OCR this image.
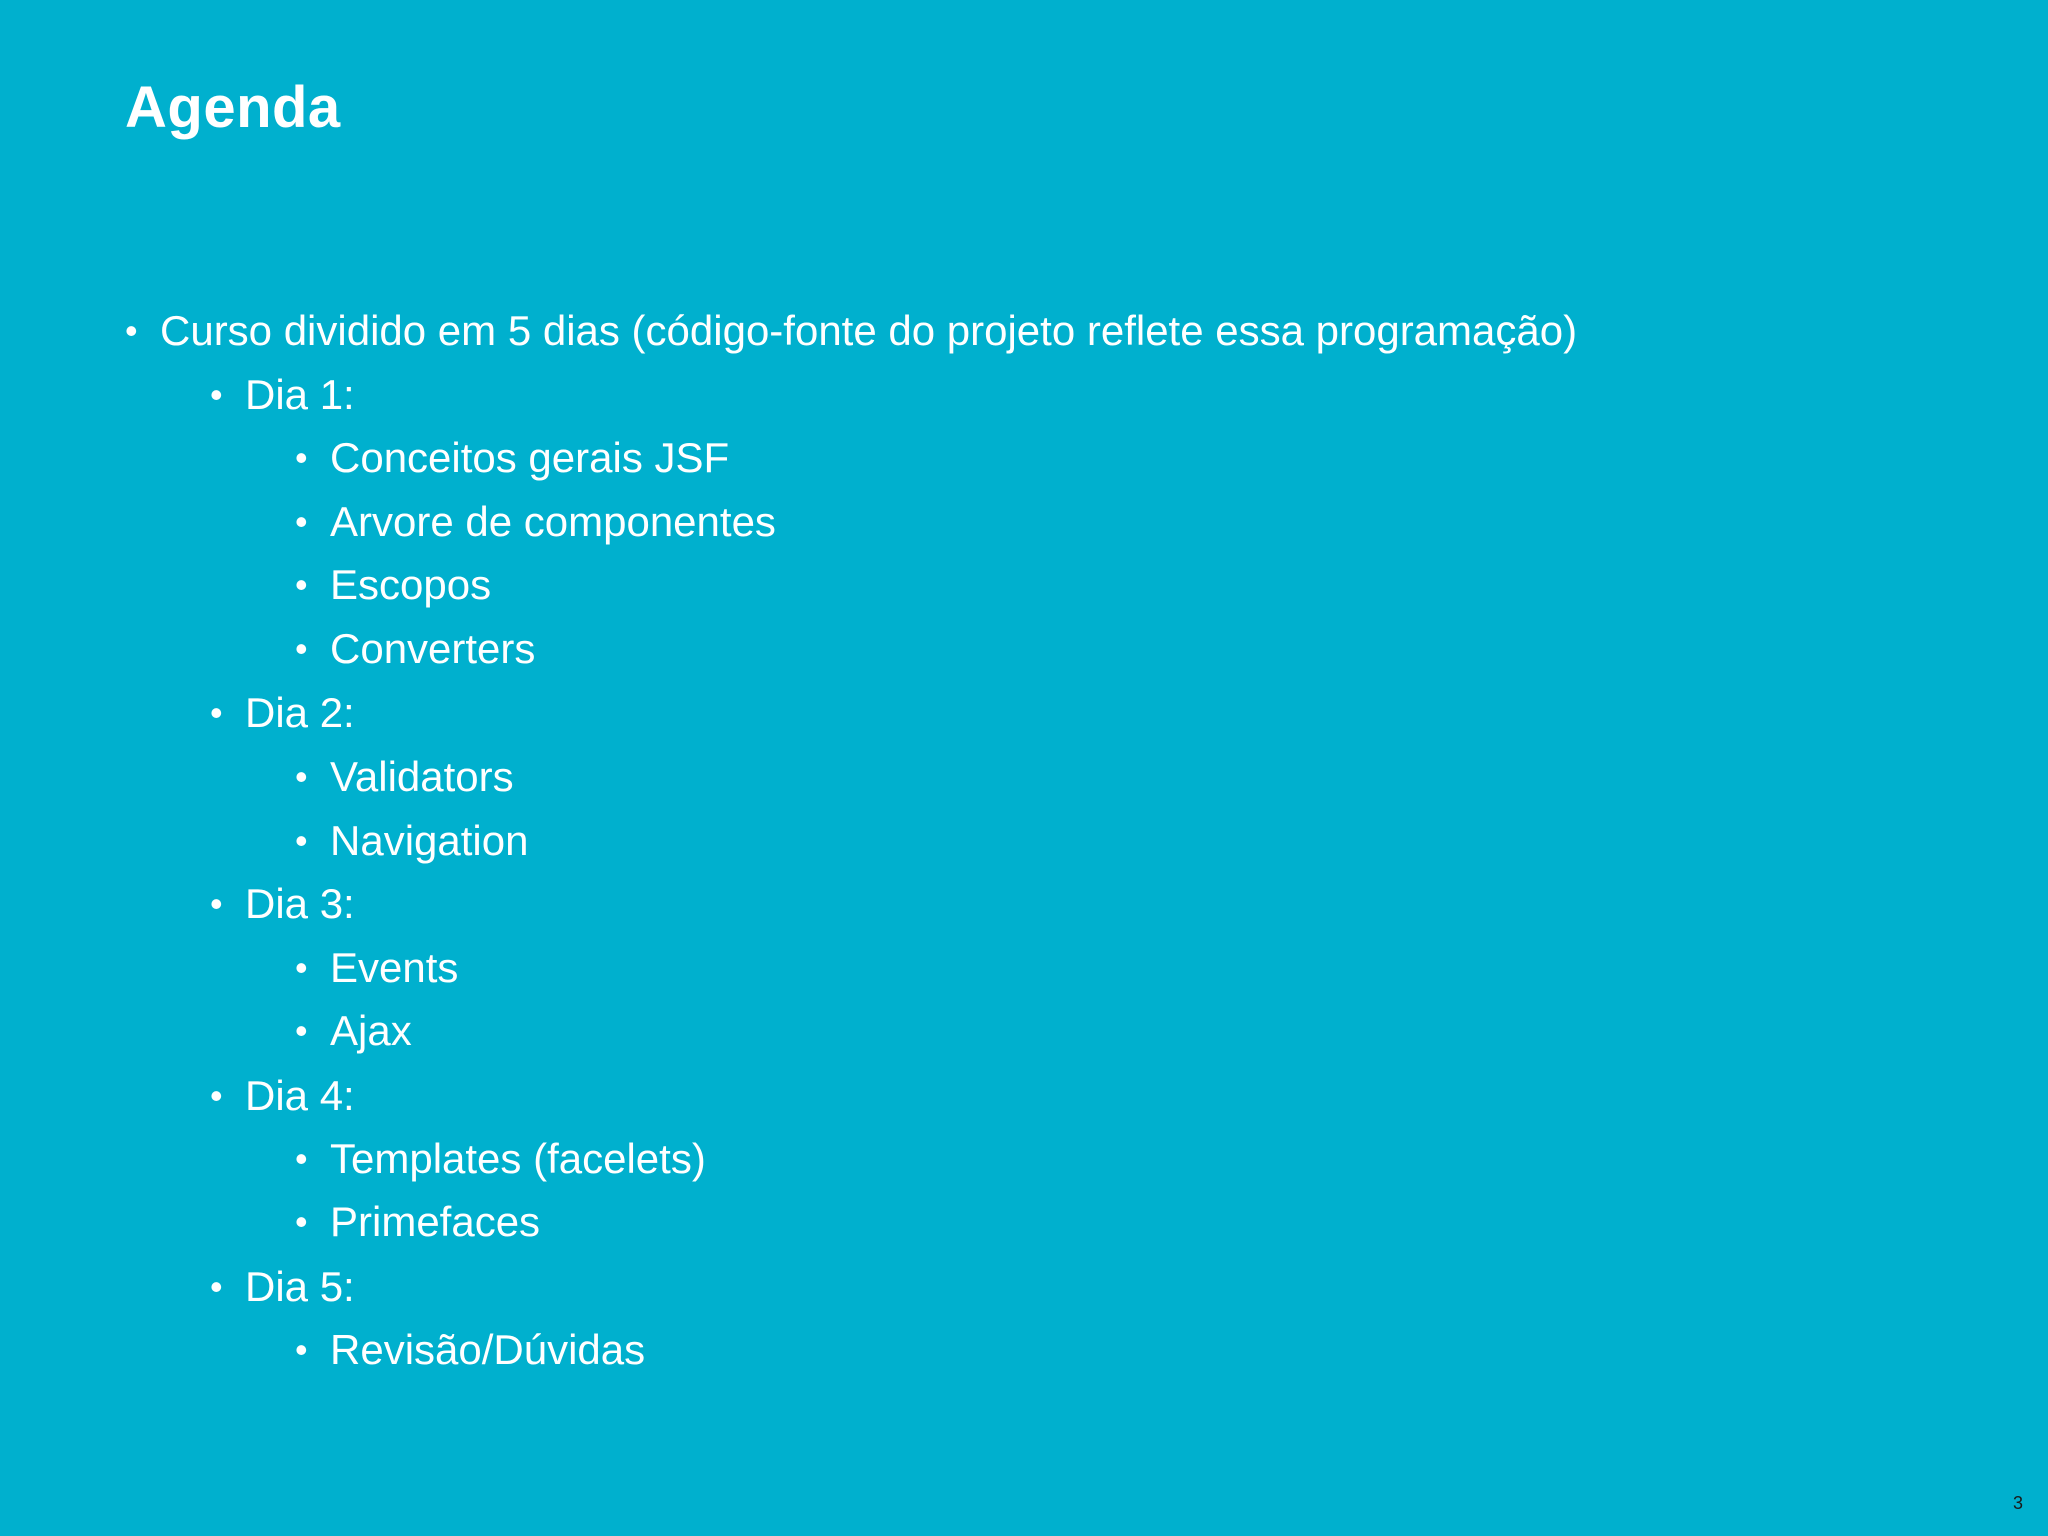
Agenda
• Curso dividido em 5 dias (código-fonte do projeto reflete essa programação)
• Dia 1:
• Conceitos gerais JSF
• Arvore de componentes
• Escopos
• Converters
• Dia 2:
• Validators
• Navigation
• Dia 3:
• Events
• Ajax
• Dia 4:
• Templates (facelets)
• Primefaces
• Dia 5:
• Revisão/Dúvidas
3
